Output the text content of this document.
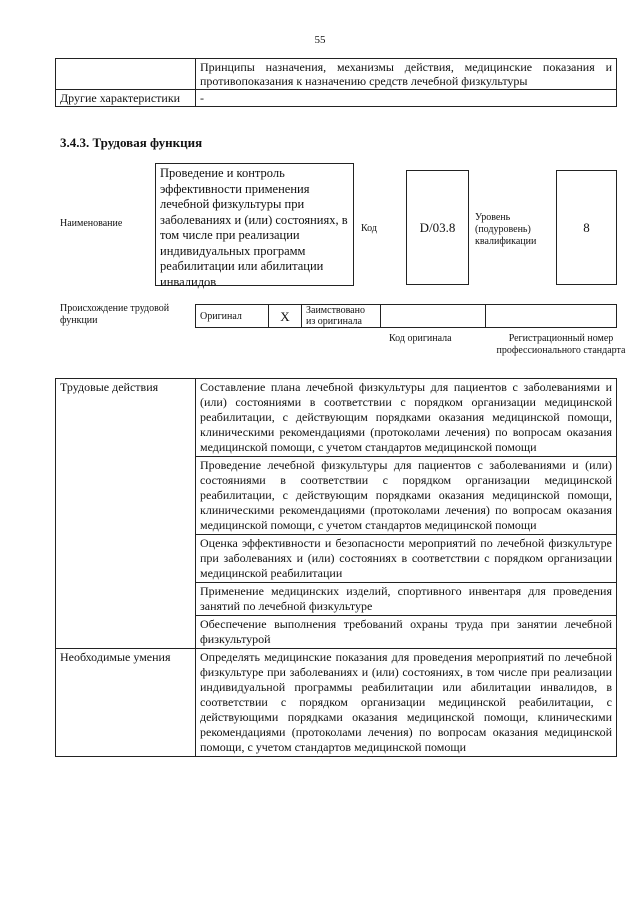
55
	Принципы назначения, механизмы действия, медицинские показания и противопоказания к назначению средств лечебной физкультуры
Другие характеристики	-
3.4.3. Трудовая функция
Наименование
Проведение и контроль эффективности применения лечебной физкультуры при заболеваниях и (или) состояниях, в том числе при реализации индивидуальных программ реабилитации или абилитации инвалидов
Код	D/03.8
Уровень (подуровень) квалификации
8
Происхождение трудовой функции	Оригинал	X	Заимствовано из оригинала		
Код оригинала	Регистрационный номер профессионального стандарта
Трудовые действия	Составление плана лечебной физкультуры для пациентов с заболеваниями и (или) состояниями в соответствии с порядком организации медицинской реабилитации, с действующим порядками оказания медицинской помощи, клиническими рекомендациями (протоколами лечения) по вопросам оказания медицинской помощи, с учетом стандартов медицинской помощи
	Проведение лечебной физкультуры для пациентов с заболеваниями и (или) состояниями в соответствии с порядком организации медицинской реабилитации, с действующим порядками оказания медицинской помощи, клиническими рекомендациями (протоколами лечения) по вопросам оказания медицинской помощи, с учетом стандартов медицинской помощи
	Оценка эффективности и безопасности мероприятий по лечебной физкультуре при заболеваниях и (или) состояниях в соответствии с порядком организации медицинской реабилитации
	Применение медицинских изделий, спортивного инвентаря для проведения занятий по лечебной физкультуре
	Обеспечение выполнения требований охраны труда при занятии лечебной физкультурой
Необходимые умения	Определять медицинские показания для проведения мероприятий по лечебной физкультуре при заболеваниях и (или) состояниях, в том числе при реализации индивидуальной программы реабилитации или абилитации инвалидов, в соответствии с порядком организации медицинской реабилитации, с действующими порядками оказания медицинской помощи, клиническими рекомендациями (протоколами лечения) по вопросам оказания медицинской помощи, с учетом стандартов медицинской помощи
